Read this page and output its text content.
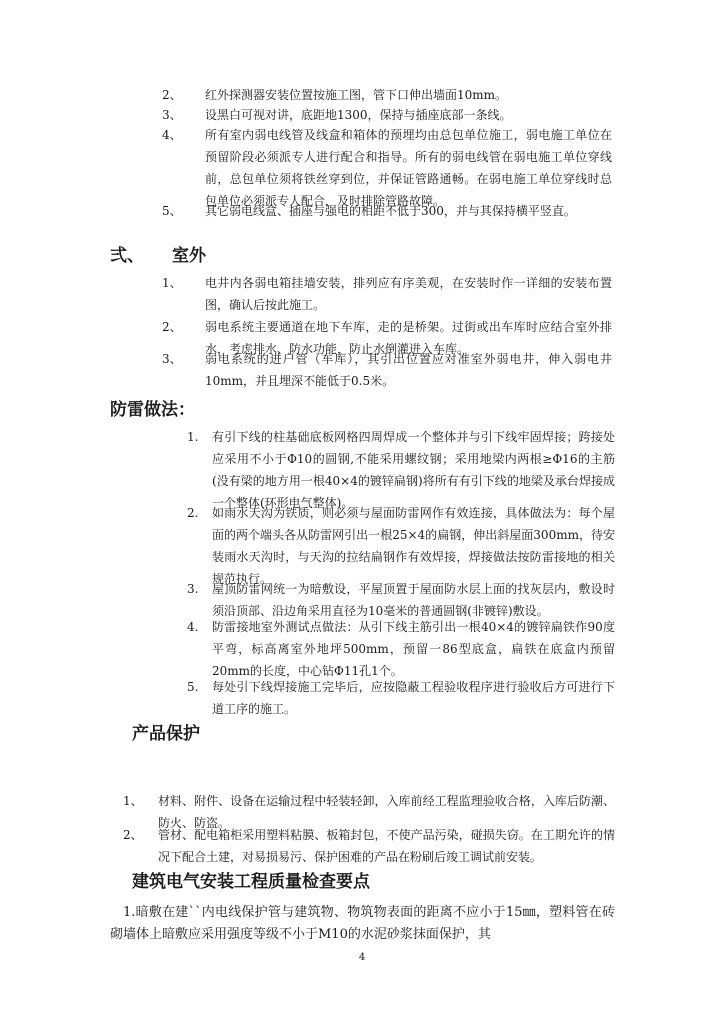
2、 红外探测器安装位置按施工图，管下口伸出墙面10mm。
3、 设黑白可视对讲，底距地1300，保持与插座底部一条线。
4、 所有室内弱电线管及线盒和箱体的预埋均由总包单位施工，弱电施工单位在预留阶段必须派专人进行配合和指导。所有的弱电线管在弱电施工单位穿线前，总包单位须将铁丝穿到位，并保证管路通畅。在弱电施工单位穿线时总包单位必须派专人配合，及时排除管路故障。
5、 其它弱电线盒、插座与强电的相距不低于300，并与其保持横平竖直。
弍、 室外
1、 电井内各弱电箱挂墙安装，排列应有序美观，在安装时作一详细的安装布置图，确认后按此施工。
2、 弱电系统主要通道在地下车库，走的是桥架。过街或出车库时应结合室外排水，考虑排水、防水功能，防止水倒灌进入车库。
3、 弱电系统的进户管（车库），其引出位置应对准室外弱电井，伸入弱电井10mm，并且埋深不能低于0.5米。
防雷做法：
1. 有引下线的柱基础底板网格四周焊成一个整体并与引下线牢固焊接；跨接处应采用不小于Φ10的圆钢,不能采用螺纹钢；采用地梁内两根≥Φ16的主筋(没有梁的地方用一根40×4的镀锌扁钢)将所有有引下线的地梁及承台焊接成一个整体(环形电气整体)。
2. 如雨水天沟为铁质，则必须与屋面防雷网作有效连接，具体做法为：每个屋面的两个端头各从防雷网引出一根25×4的扁钢，伸出斜屋面300mm，待安装雨水天沟时，与天沟的拉结扁钢作有效焊接，焊接做法按防雷接地的相关规范执行。
3. 屋顶防雷网统一为暗敷设，平屋顶置于屋面防水层上面的找灰层内，敷设时须沿顶部、沿边角采用直径为10毫米的普通圆钢(非镀锌)敷设。
4. 防雷接地室外测试点做法：从引下线主筋引出一根40×4的镀锌扁铁作90度平弯，标高离室外地坪500mm，预留一86型底盒，扁铁在底盒内预留20mm的长度，中心钻Φ11孔1个。
5. 每处引下线焊接施工完毕后，应按隐蔽工程验收程序进行验收后方可进行下道工序的施工。
产品保护
1、 材料、附件、设备在运输过程中轻装轻卸，入库前经工程监理验收合格，入库后防潮、防火、防盗。
2、 管材、配电箱柜采用塑料粘膜、板箱封包，不使产品污染，碰损失窃。在工期允许的情况下配合土建，对易损易污、保护困难的产品在粉刷后竣工调试前安装。
建筑电气安装工程质量检查要点
1.暗敷在建``内电线保护管与建筑物、物筑物表面的距离不应小于15㎜，塑料管在砖砌墙体上暗敷应采用强度等级不小于M10的水泥砂浆抹面保护，其
4
